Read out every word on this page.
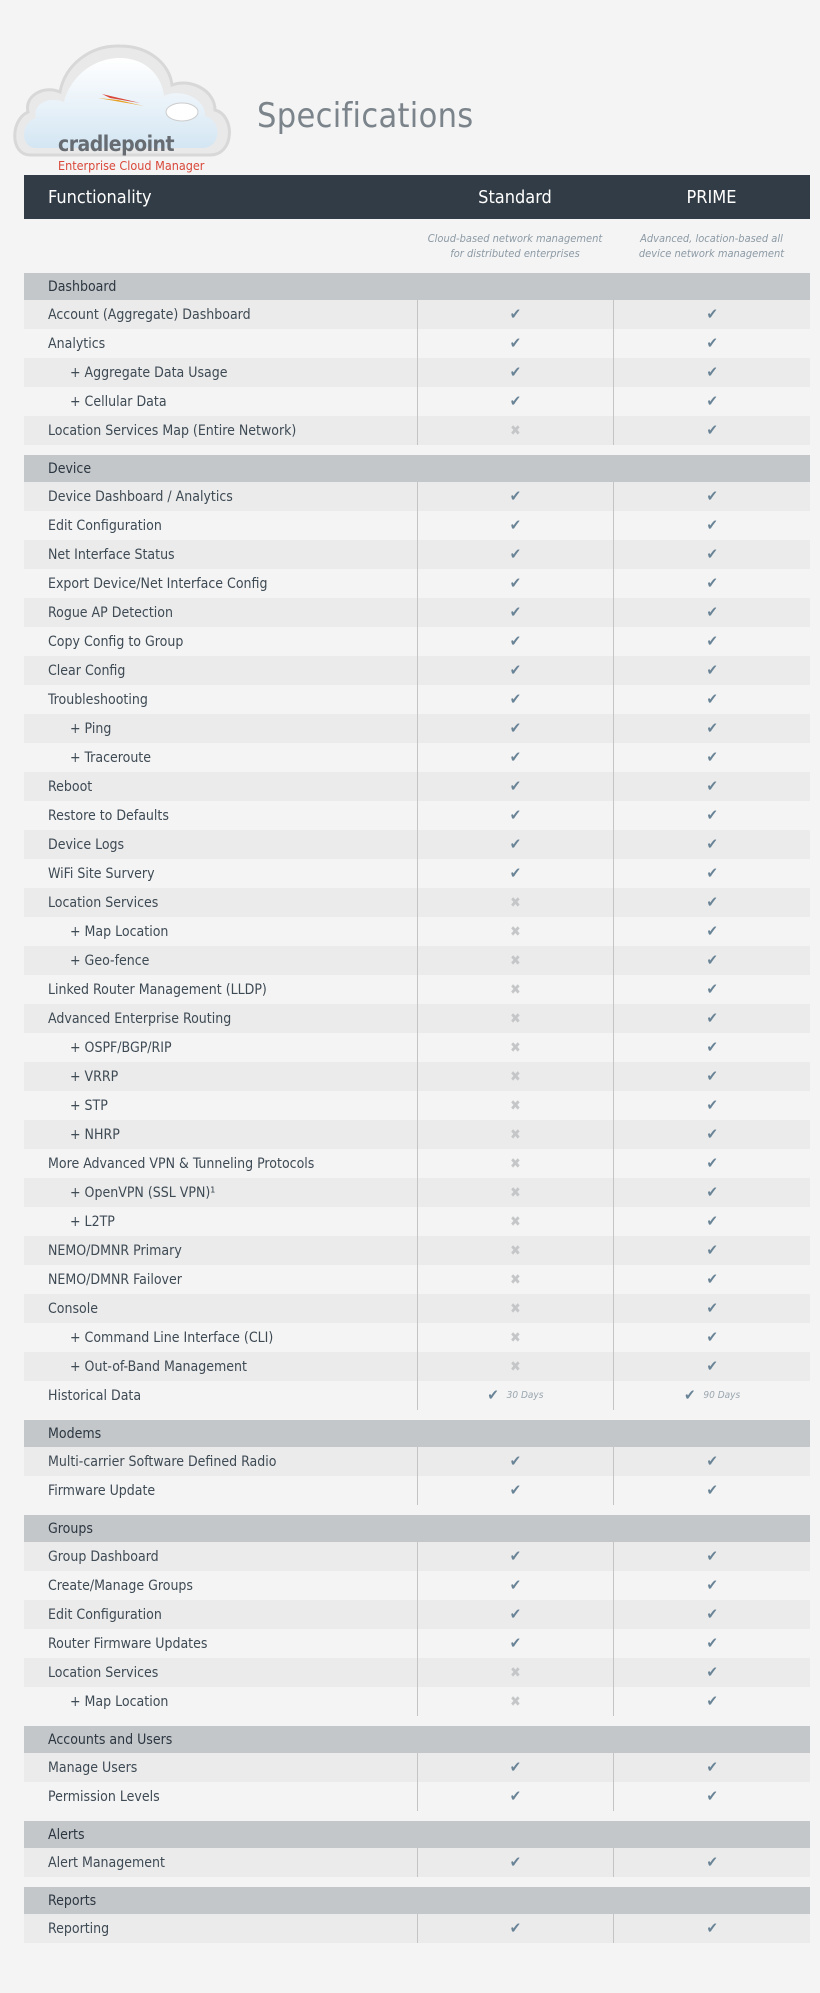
cradlepoint
Enterprise Cloud Manager
Specifications
Functionality	Standard	PRIME
Cloud-based network management for distributed enterprises
Advanced, location-based all device network management
Dashboard
Account (Aggregate) Dashboard	✔	✔
Analytics	✔	✔
+ Aggregate Data Usage	✔	✔
+ Cellular Data	✔	✔
Location Services Map (Entire Network)	✖	✔
Device
Device Dashboard / Analytics	✔	✔
Edit Configuration	✔	✔
Net Interface Status	✔	✔
Export Device/Net Interface Config	✔	✔
Rogue AP Detection	✔	✔
Copy Config to Group	✔	✔
Clear Config	✔	✔
Troubleshooting	✔	✔
+ Ping	✔	✔
+ Traceroute	✔	✔
Reboot	✔	✔
Restore to Defaults	✔	✔
Device Logs	✔	✔
WiFi Site Survery	✔	✔
Location Services	✖	✔
+ Map Location	✖	✔
+ Geo-fence	✖	✔
Linked Router Management (LLDP)	✖	✔
Advanced Enterprise Routing	✖	✔
+ OSPF/BGP/RIP	✖	✔
+ VRRP	✖	✔
+ STP	✖	✔
+ NHRP	✖	✔
More Advanced VPN & Tunneling Protocols	✖	✔
+ OpenVPN (SSL VPN)¹	✖	✔
+ L2TP	✖	✔
NEMO/DMNR Primary	✖	✔
NEMO/DMNR Failover	✖	✔
Console	✖	✔
+ Command Line Interface (CLI)	✖	✔
+ Out-of-Band Management	✖	✔
Historical Data	✔ 30 Days	✔ 90 Days
Modems
Multi-carrier Software Defined Radio	✔	✔
Firmware Update	✔	✔
Groups
Group Dashboard	✔	✔
Create/Manage Groups	✔	✔
Edit Configuration	✔	✔
Router Firmware Updates	✔	✔
Location Services	✖	✔
+ Map Location	✖	✔
Accounts and Users
Manage Users	✔	✔
Permission Levels	✔	✔
Alerts
Alert Management	✔	✔
Reports
Reporting	✔	✔
